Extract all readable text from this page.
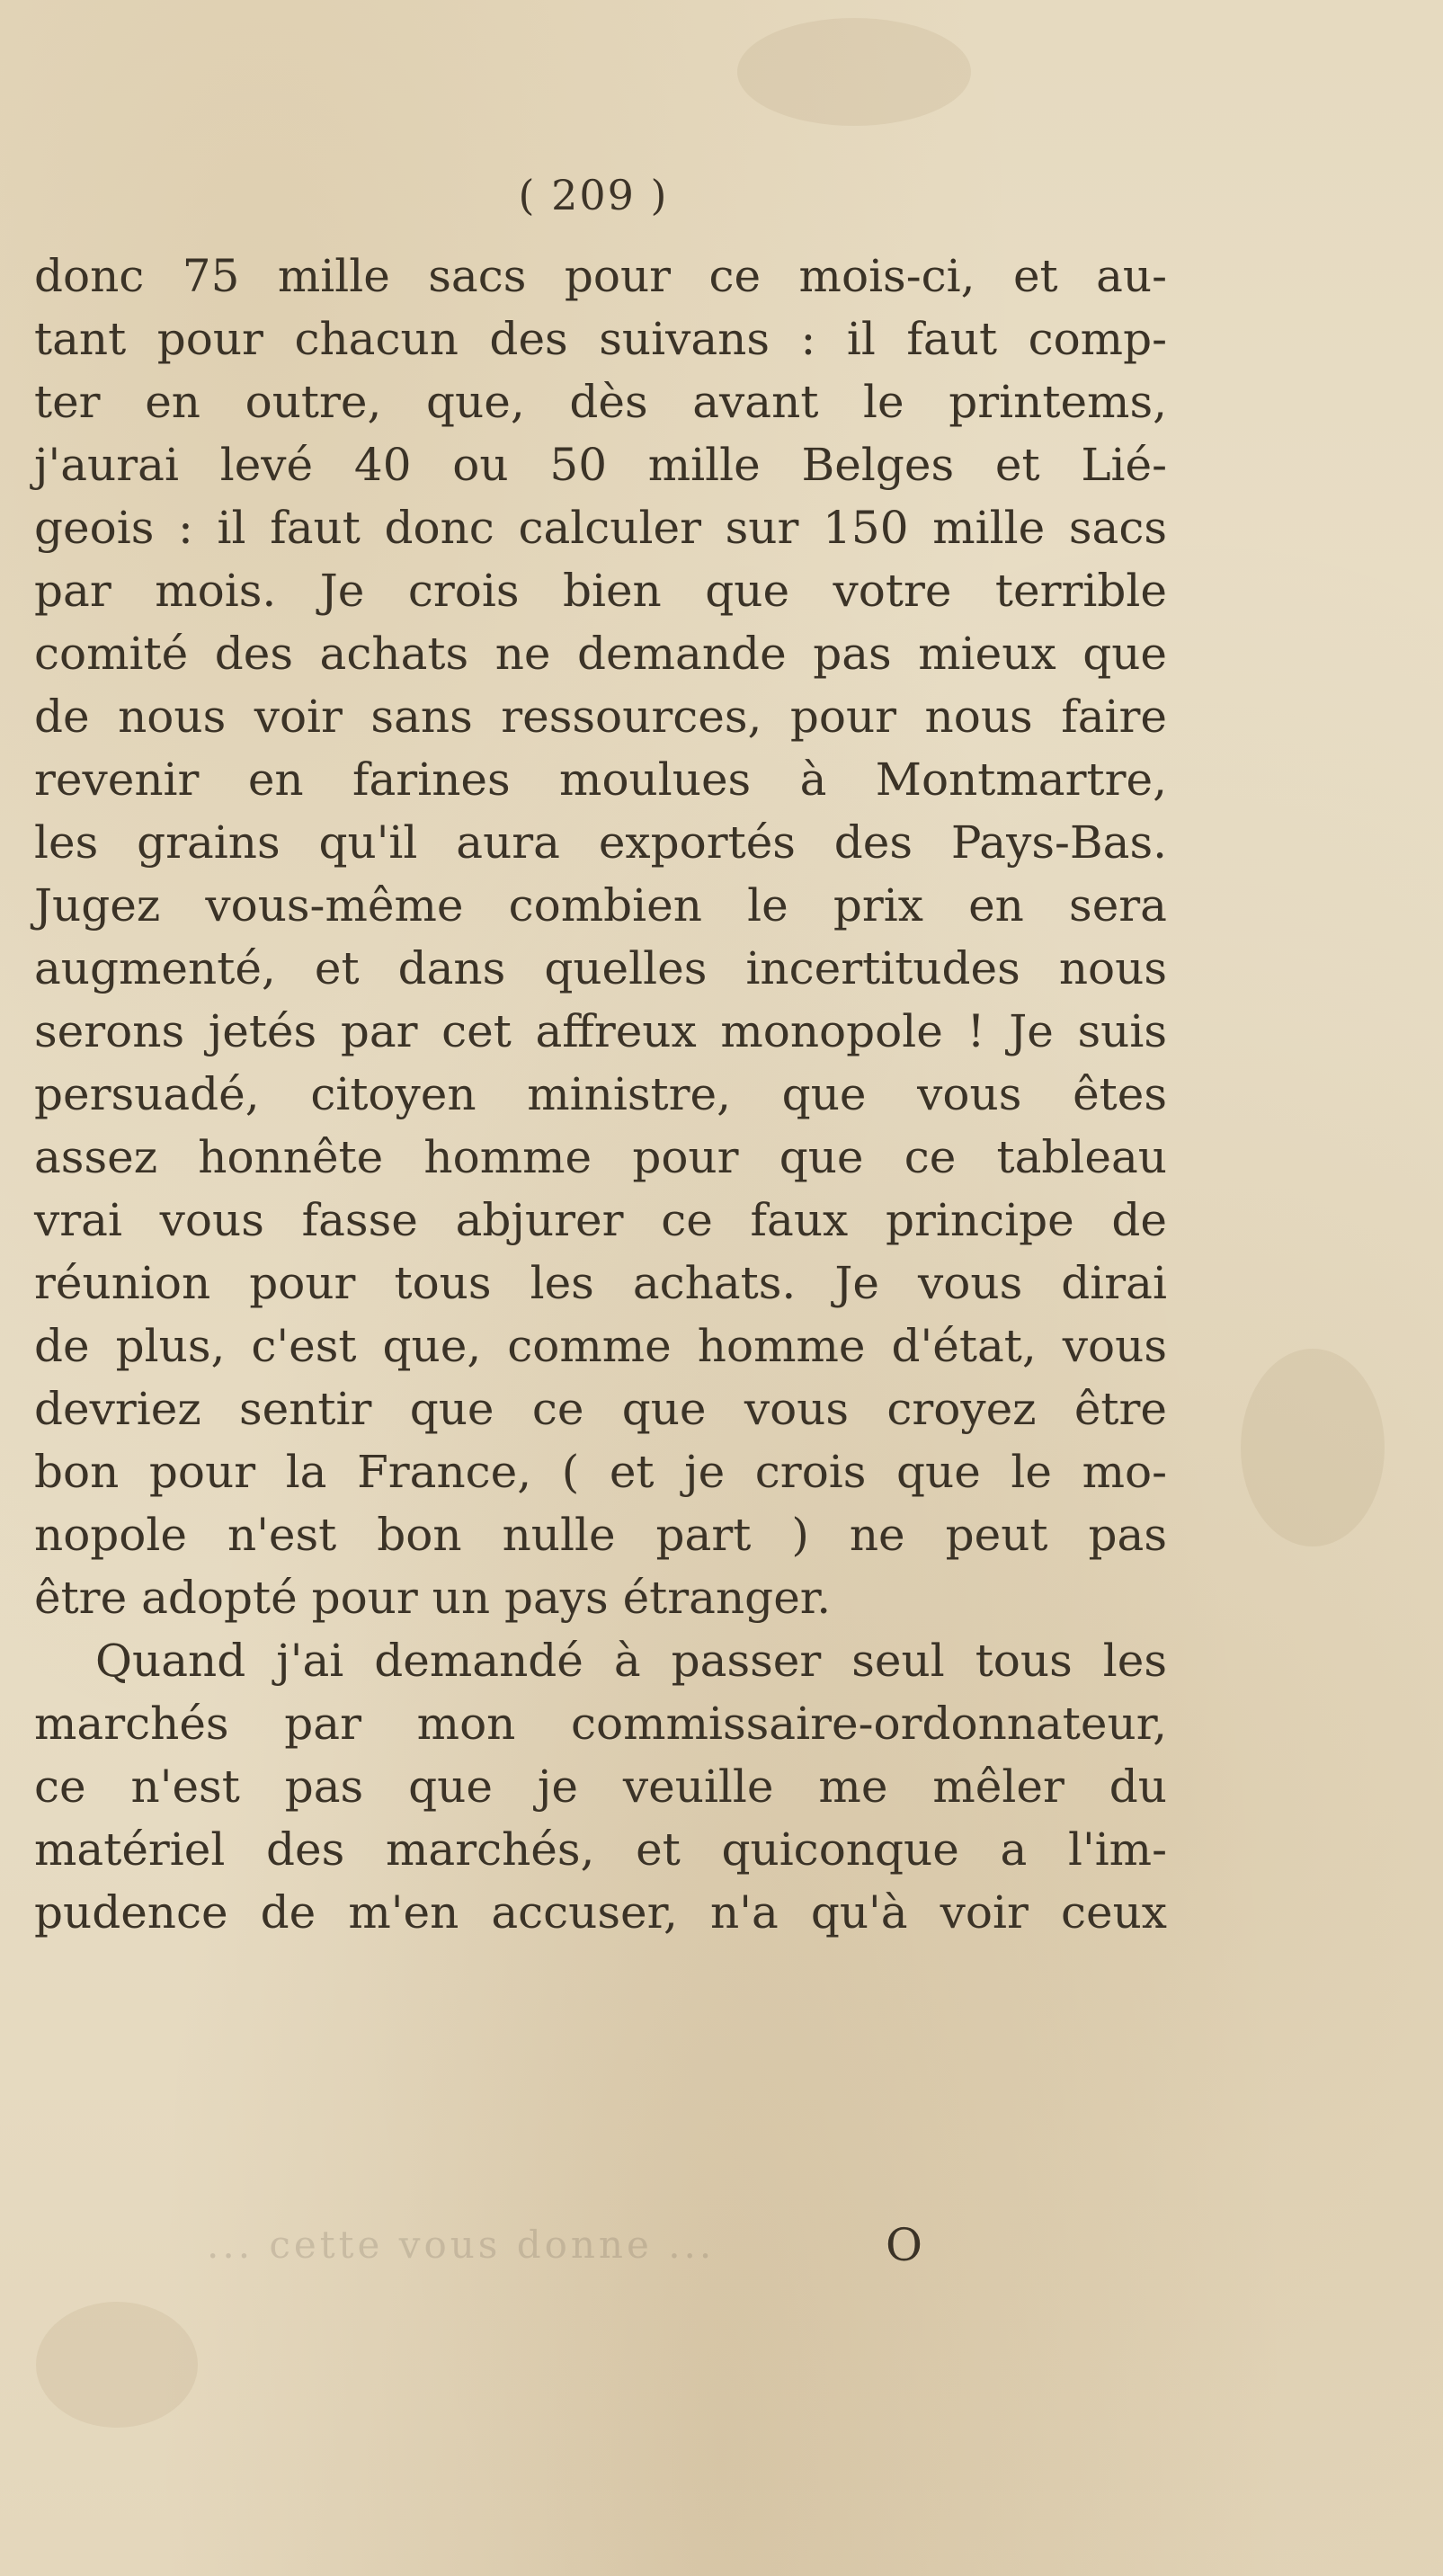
( 209 )
donc 75 mille sacs pour ce mois-ci, et au-
tant pour chacun des suivans : il faut comp-
ter en outre, que, dès avant le printems,
j'aurai levé 40 ou 50 mille Belges et Lié-
geois : il faut donc calculer sur 150 mille sacs
par mois. Je crois bien que votre terrible
comité des achats ne demande pas mieux que
de nous voir sans ressources, pour nous faire
revenir en farines moulues à Montmartre,
les grains qu'il aura exportés des Pays-Bas.
Jugez vous-même combien le prix en sera
augmenté, et dans quelles incertitudes nous
serons jetés par cet affreux monopole ! Je suis
persuadé, citoyen ministre, que vous êtes
assez honnête homme pour que ce tableau
vrai vous fasse abjurer ce faux principe de
réunion pour tous les achats. Je vous dirai
de plus, c'est que, comme homme d'état, vous
devriez sentir que ce que vous croyez être
bon pour la France, ( et je crois que le mo-
nopole n'est bon nulle part ) ne peut pas
être adopté pour un pays étranger.
Quand j'ai demandé à passer seul tous les
marchés par mon commissaire-ordonnateur,
ce n'est pas que je veuille me mêler du
matériel des marchés, et quiconque a l'im-
pudence de m'en accuser, n'a qu'à voir ceux
... cette vous donne ...	O
